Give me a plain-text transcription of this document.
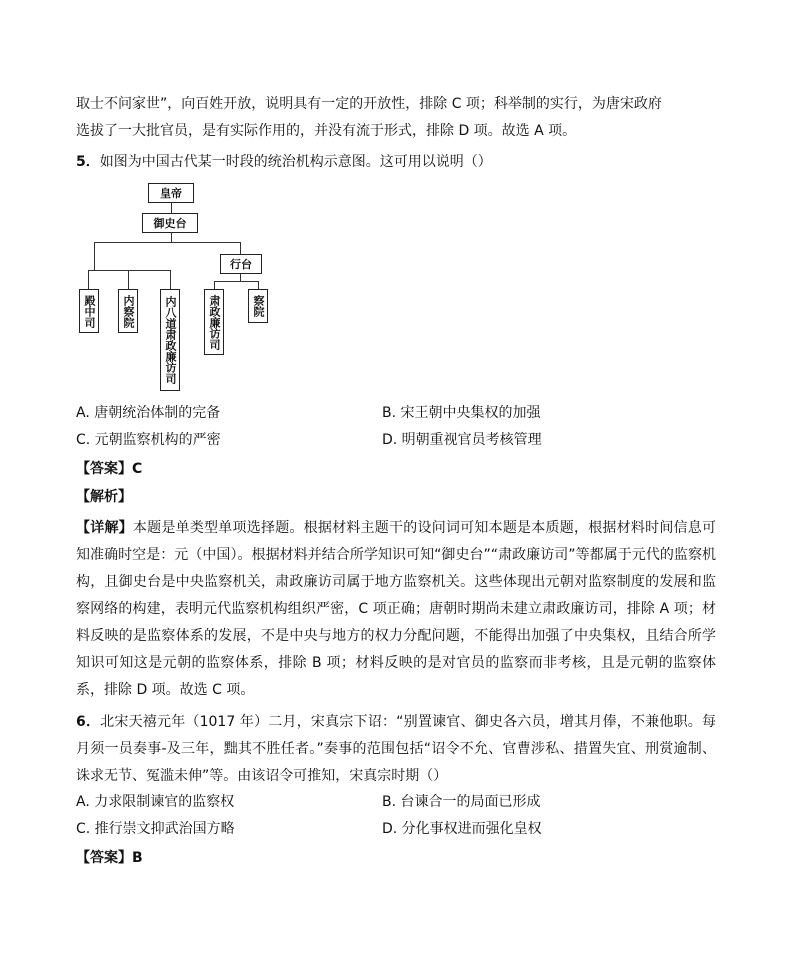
取士不问家世”，向百姓开放，说明具有一定的开放性，排除 C 项；科举制的实行，为唐宋政府
选拔了一大批官员，是有实际作用的，并没有流于形式，排除 D 项。故选 A 项。
5．如图为中国古代某一时段的统治机构示意图。这可用以说明（）
皇帝
御史台
行台
殿中司	内察院	内八道肃政廉访司	肃政廉访司	察院
A. 唐朝统治体制的完备	B. 宋王朝中央集权的加强
C. 元朝监察机构的严密	D. 明朝重视官员考核管理
【答案】C
【解析】
【详解】本题是单类型单项选择题。根据材料主题干的设问词可知本题是本质题，根据材料时间信息可知准确时空是：元（中国）。根据材料并结合所学知识可知“御史台”“肃政廉访司”等都属于元代的监察机构，且御史台是中央监察机关，肃政廉访司属于地方监察机关。这些体现出元朝对监察制度的发展和监察网络的构建，表明元代监察机构组织严密，C 项正确；唐朝时期尚未建立肃政廉访司，排除 A 项；材料反映的是监察体系的发展，不是中央与地方的权力分配问题，不能得出加强了中央集权，且结合所学知识可知这是元朝的监察体系，排除 B 项；材料反映的是对官员的监察而非考核，且是元朝的监察体系，排除 D 项。故选 C 项。
6．北宋天禧元年（1017 年）二月，宋真宗下诏：“别置谏官、御史各六员，增其月俸，不兼他职。每月须一员奏事-及三年，黜其不胜任者。”奏事的范围包括“诏令不允、官曹涉私、措置失宜、刑赏逾制、诛求无节、冤滥未伸”等。由该诏令可推知，宋真宗时期（）
A. 力求限制谏官的监察权	B. 台谏合一的局面已形成
C. 推行崇文抑武治国方略	D. 分化事权进而强化皇权
【答案】B
